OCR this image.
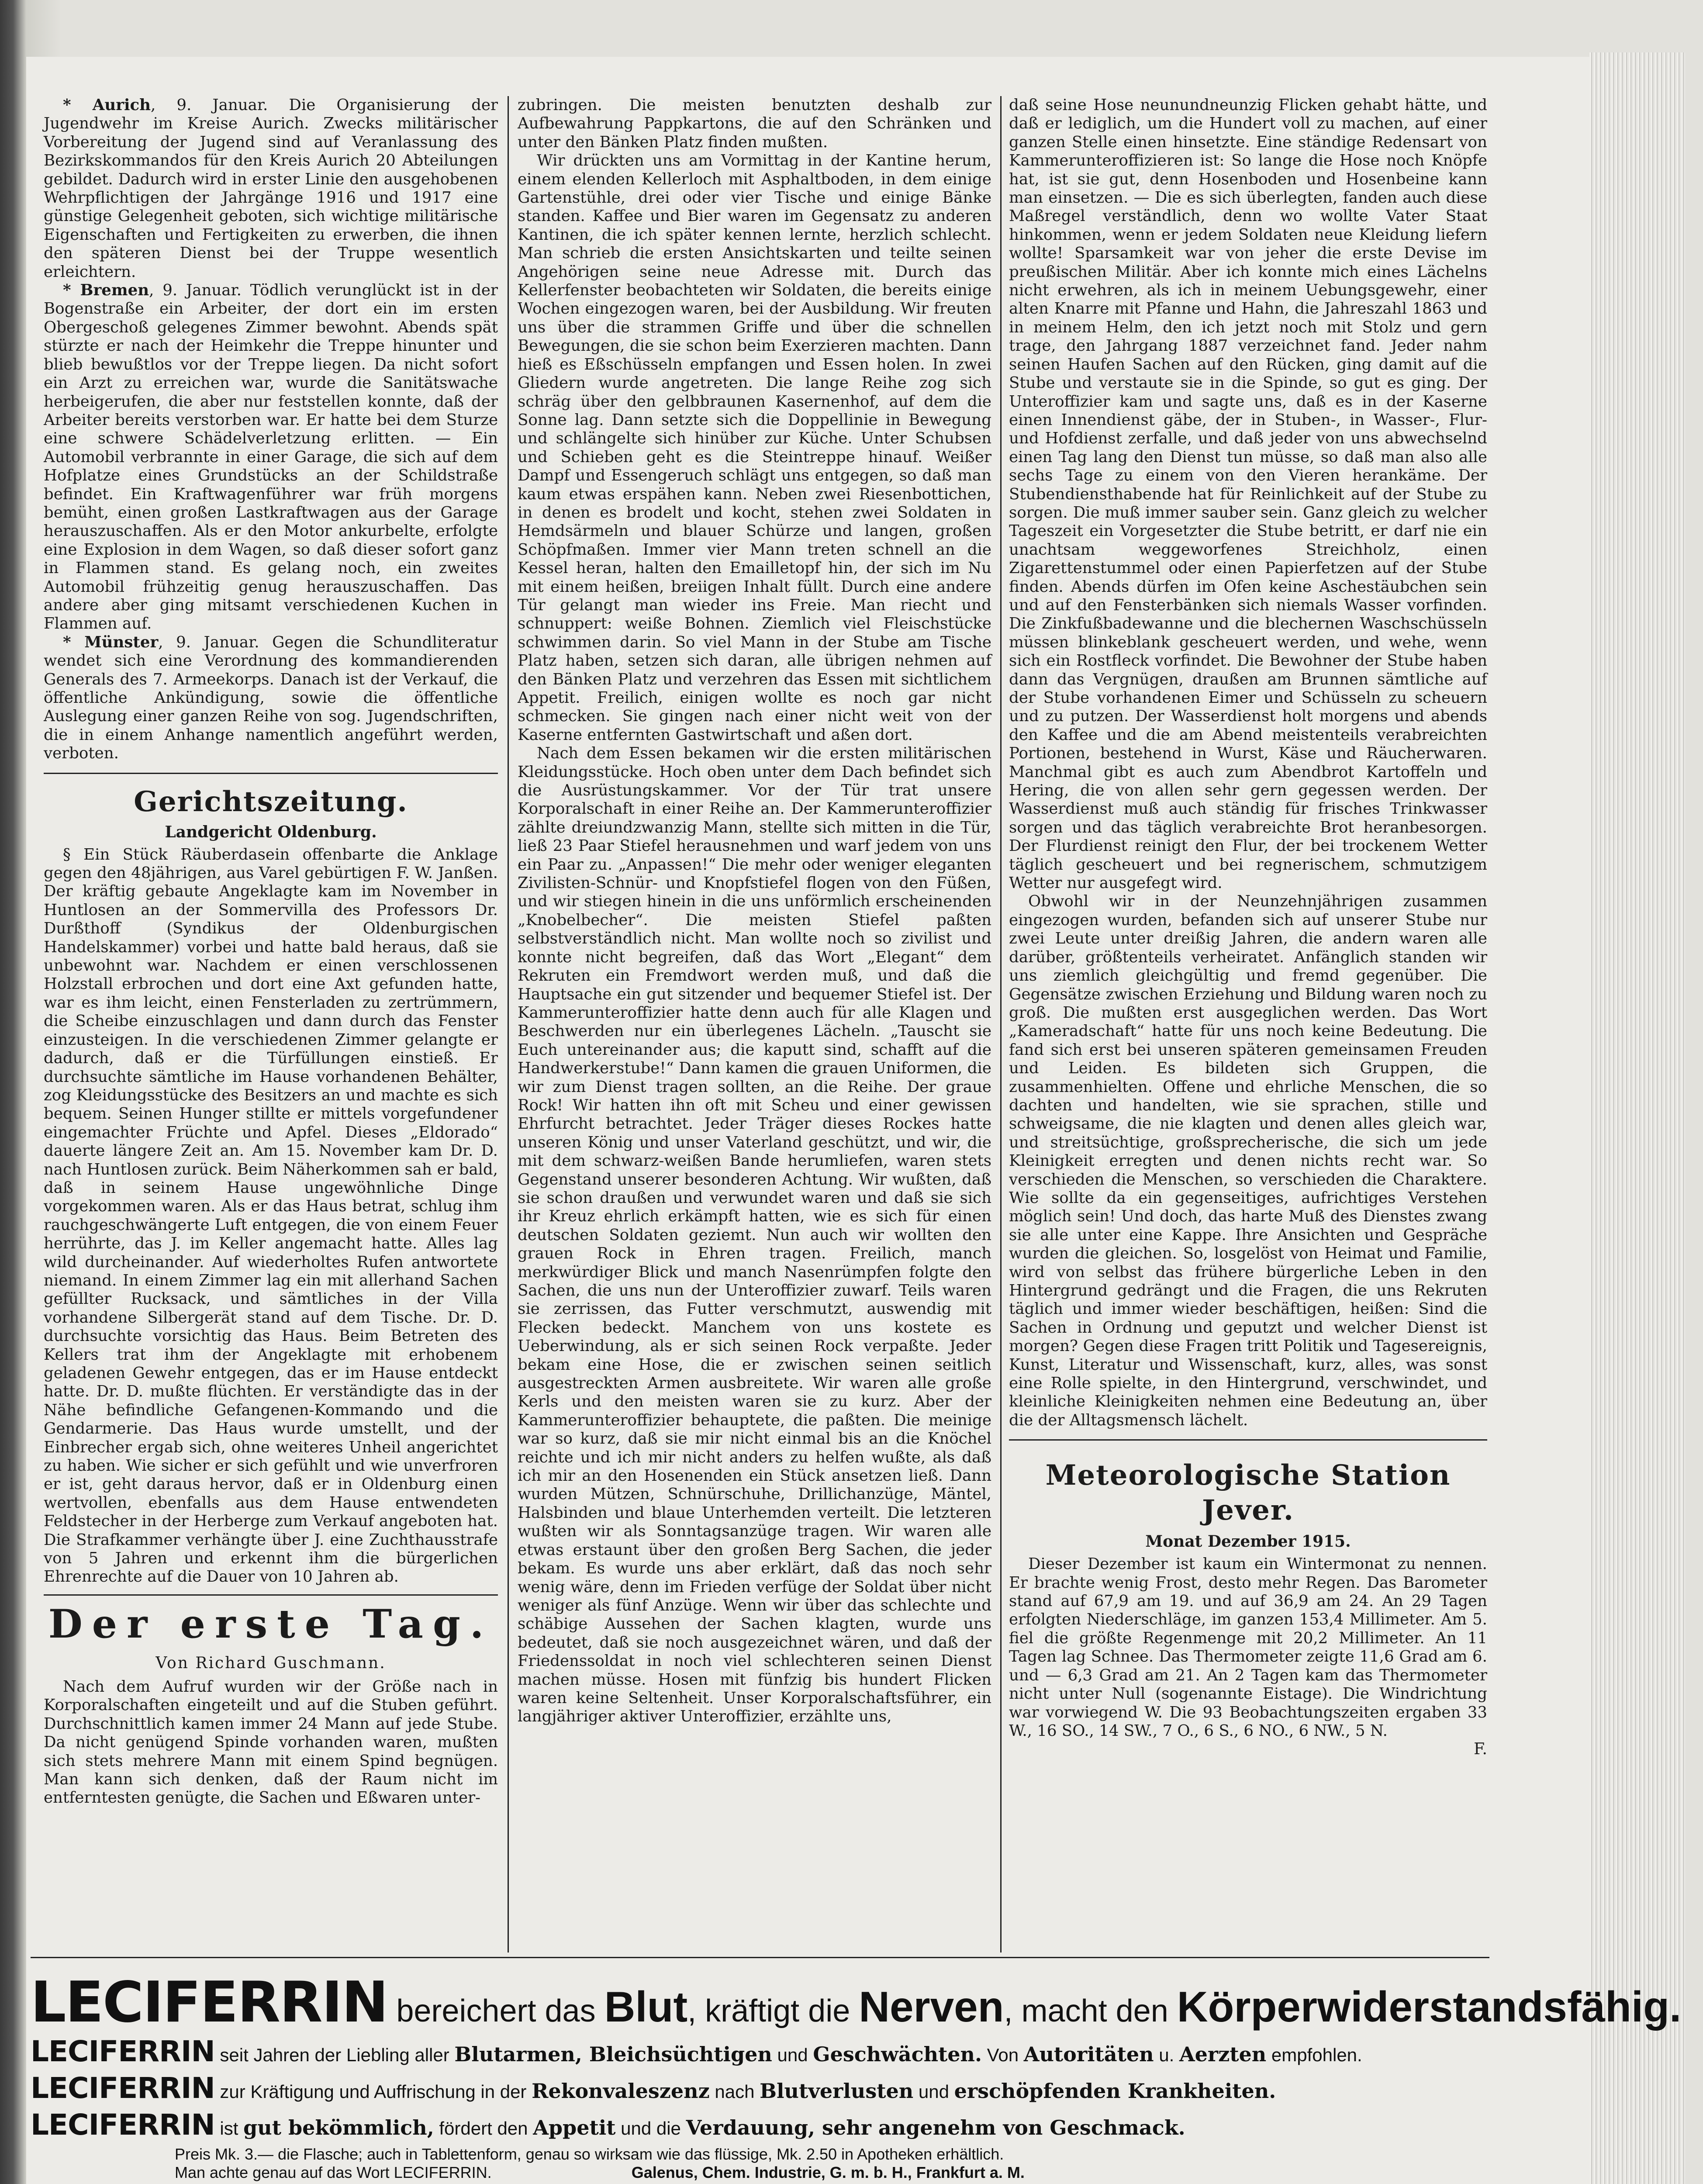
* Aurich, 9. Januar. Die Organisierung der Jugendwehr im Kreise Aurich. Zwecks militärischer Vorbereitung der Jugend sind auf Veranlassung des Bezirkskommandos für den Kreis Aurich 20 Abteilungen gebildet. Dadurch wird in erster Linie den ausgehobenen Wehrpflichtigen der Jahrgänge 1916 und 1917 eine günstige Gelegenheit geboten, sich wichtige militärische Eigenschaften und Fertigkeiten zu erwerben, die ihnen den späteren Dienst bei der Truppe wesentlich erleichtern.

* Bremen, 9. Januar. Tödlich verunglückt ist in der Bogenstraße ein Arbeiter, der dort ein im ersten Obergeschoß gelegenes Zimmer bewohnt. Abends spät stürzte er nach der Heimkehr die Treppe hinunter und blieb bewußtlos vor der Treppe liegen. Da nicht sofort ein Arzt zu erreichen war, wurde die Sanitätswache herbeigerufen, die aber nur feststellen konnte, daß der Arbeiter bereits verstorben war. Er hatte bei dem Sturze eine schwere Schädelverletzung erlitten. — Ein Automobil verbrannte in einer Garage, die sich auf dem Hofplatze eines Grundstücks an der Schildstraße befindet. Ein Kraftwagenführer war früh morgens bemüht, einen großen Lastkraftwagen aus der Garage herauszuschaffen. Als er den Motor ankurbelte, erfolgte eine Explosion in dem Wagen, so daß dieser sofort ganz in Flammen stand. Es gelang noch, ein zweites Automobil frühzeitig genug herauszuschaffen. Das andere aber ging mitsamt verschiedenen Kuchen in Flammen auf.

* Münster, 9. Januar. Gegen die Schundliteratur wendet sich eine Verordnung des kommandierenden Generals des 7. Armeekorps. Danach ist der Verkauf, die öffentliche Ankündigung, sowie die öffentliche Auslegung einer ganzen Reihe von sog. Jugendschriften, die in einem Anhange namentlich angeführt werden, verboten.

Gerichtszeitung.
Landgericht Oldenburg.

§ Ein Stück Räuberdasein offenbarte die Anklage gegen den 48jährigen, aus Varel gebürtigen F. W. Janßen. Der kräftig gebaute Angeklagte kam im November in Huntlosen an der Sommervilla des Professors Dr. Durßthoff (Syndikus der Oldenburgischen Handelskammer) vorbei und hatte bald heraus, daß sie unbewohnt war. Nachdem er einen verschlossenen Holzstall erbrochen und dort eine Axt gefunden hatte, war es ihm leicht, einen Fensterladen zu zertrümmern, die Scheibe einzuschlagen und dann durch das Fenster einzusteigen. In die verschiedenen Zimmer gelangte er dadurch, daß er die Türfüllungen einstieß. Er durchsuchte sämtliche im Hause vorhandenen Behälter, zog Kleidungsstücke des Besitzers an und machte es sich bequem. Seinen Hunger stillte er mittels vorgefundener eingemachter Früchte und Apfel. Dieses „Eldorado“ dauerte längere Zeit an. Am 15. November kam Dr. D. nach Huntlosen zurück. Beim Näherkommen sah er bald, daß in seinem Hause ungewöhnliche Dinge vorgekommen waren. Als er das Haus betrat, schlug ihm rauchgeschwängerte Luft entgegen, die von einem Feuer herrührte, das J. im Keller angemacht hatte. Alles lag wild durcheinander. Auf wiederholtes Rufen antwortete niemand. In einem Zimmer lag ein mit allerhand Sachen gefüllter Rucksack, und sämtliches in der Villa vorhandene Silbergerät stand auf dem Tische. Dr. D. durchsuchte vorsichtig das Haus. Beim Betreten des Kellers trat ihm der Angeklagte mit erhobenem geladenen Gewehr entgegen, das er im Hause entdeckt hatte. Dr. D. mußte flüchten. Er verständigte das in der Nähe befindliche Gefangenen-Kommando und die Gendarmerie. Das Haus wurde umstellt, und der Einbrecher ergab sich, ohne weiteres Unheil angerichtet zu haben. Wie sicher er sich gefühlt und wie unverfroren er ist, geht daraus hervor, daß er in Oldenburg einen wertvollen, ebenfalls aus dem Hause entwendeten Feldstecher in der Herberge zum Verkauf angeboten hat. Die Strafkammer verhängte über J. eine Zuchthausstrafe von 5 Jahren und erkennt ihm die bürgerlichen Ehrenrechte auf die Dauer von 10 Jahren ab.

Der erste Tag.
Von Richard Guschmann.

Nach dem Aufruf wurden wir der Größe nach in Korporalschaften eingeteilt und auf die Stuben geführt. Durchschnittlich kamen immer 24 Mann auf jede Stube. Da nicht genügend Spinde vorhanden waren, mußten sich stets mehrere Mann mit einem Spind begnügen. Man kann sich denken, daß der Raum nicht im entferntesten genügte, die Sachen und Eßwaren unter-

zubringen. Die meisten benutzten deshalb zur Aufbewahrung Pappkartons, die auf den Schränken und unter den Bänken Platz finden mußten.

Wir drückten uns am Vormittag in der Kantine herum, einem elenden Kellerloch mit Asphaltboden, in dem einige Gartenstühle, drei oder vier Tische und einige Bänke standen. Kaffee und Bier waren im Gegensatz zu anderen Kantinen, die ich später kennen lernte, herzlich schlecht. Man schrieb die ersten Ansichtskarten und teilte seinen Angehörigen seine neue Adresse mit. Durch das Kellerfenster beobachteten wir Soldaten, die bereits einige Wochen eingezogen waren, bei der Ausbildung. Wir freuten uns über die strammen Griffe und über die schnellen Bewegungen, die sie schon beim Exerzieren machten. Dann hieß es Eßschüsseln empfangen und Essen holen. In zwei Gliedern wurde angetreten. Die lange Reihe zog sich schräg über den gelbbraunen Kasernenhof, auf dem die Sonne lag. Dann setzte sich die Doppellinie in Bewegung und schlängelte sich hinüber zur Küche. Unter Schubsen und Schieben geht es die Steintreppe hinauf. Weißer Dampf und Essengeruch schlägt uns entgegen, so daß man kaum etwas erspähen kann. Neben zwei Riesenbottichen, in denen es brodelt und kocht, stehen zwei Soldaten in Hemdsärmeln und blauer Schürze und langen, großen Schöpfmaßen. Immer vier Mann treten schnell an die Kessel heran, halten den Emailletopf hin, der sich im Nu mit einem heißen, breiigen Inhalt füllt. Durch eine andere Tür gelangt man wieder ins Freie. Man riecht und schnuppert: weiße Bohnen. Ziemlich viel Fleischstücke schwimmen darin. So viel Mann in der Stube am Tische Platz haben, setzen sich daran, alle übrigen nehmen auf den Bänken Platz und verzehren das Essen mit sichtlichem Appetit. Freilich, einigen wollte es noch gar nicht schmecken. Sie gingen nach einer nicht weit von der Kaserne entfernten Gastwirtschaft und aßen dort.

Nach dem Essen bekamen wir die ersten militärischen Kleidungsstücke. Hoch oben unter dem Dach befindet sich die Ausrüstungskammer. Vor der Tür trat unsere Korporalschaft in einer Reihe an. Der Kammerunteroffizier zählte dreiundzwanzig Mann, stellte sich mitten in die Tür, ließ 23 Paar Stiefel herausnehmen und warf jedem von uns ein Paar zu. „Anpassen!“ Die mehr oder weniger eleganten Zivilisten-Schnür- und Knopfstiefel flogen von den Füßen, und wir stiegen hinein in die uns unförmlich erscheinenden „Knobelbecher“. Die meisten Stiefel paßten selbstverständlich nicht. Man wollte noch so zivilist und konnte nicht begreifen, daß das Wort „Elegant“ dem Rekruten ein Fremdwort werden muß, und daß die Hauptsache ein gut sitzender und bequemer Stiefel ist. Der Kammerunteroffizier hatte denn auch für alle Klagen und Beschwerden nur ein überlegenes Lächeln. „Tauscht sie Euch untereinander aus; die kaputt sind, schafft auf die Handwerkerstube!“ Dann kamen die grauen Uniformen, die wir zum Dienst tragen sollten, an die Reihe. Der graue Rock! Wir hatten ihn oft mit Scheu und einer gewissen Ehrfurcht betrachtet. Jeder Träger dieses Rockes hatte unseren König und unser Vaterland geschützt, und wir, die mit dem schwarz-weißen Bande herumliefen, waren stets Gegenstand unserer besonderen Achtung. Wir wußten, daß sie schon draußen und verwundet waren und daß sie sich ihr Kreuz ehrlich erkämpft hatten, wie es sich für einen deutschen Soldaten geziemt. Nun auch wir wollten den grauen Rock in Ehren tragen. Freilich, manch merkwürdiger Blick und manch Nasenrümpfen folgte den Sachen, die uns nun der Unteroffizier zuwarf. Teils waren sie zerrissen, das Futter verschmutzt, auswendig mit Flecken bedeckt. Manchem von uns kostete es Ueberwindung, als er sich seinen Rock verpaßte. Jeder bekam eine Hose, die er zwischen seinen seitlich ausgestreckten Armen ausbreitete. Wir waren alle große Kerls und den meisten waren sie zu kurz. Aber der Kammerunteroffizier behauptete, die paßten. Die meinige war so kurz, daß sie mir nicht einmal bis an die Knöchel reichte und ich mir nicht anders zu helfen wußte, als daß ich mir an den Hosenenden ein Stück ansetzen ließ. Dann wurden Mützen, Schnürschuhe, Drillichanzüge, Mäntel, Halsbinden und blaue Unterhemden verteilt. Die letzteren wußten wir als Sonntagsanzüge tragen. Wir waren alle etwas erstaunt über den großen Berg Sachen, die jeder bekam. Es wurde uns aber erklärt, daß das noch sehr wenig wäre, denn im Frieden verfüge der Soldat über nicht weniger als fünf Anzüge. Wenn wir über das schlechte und schäbige Aussehen der Sachen klagten, wurde uns bedeutet, daß sie noch ausgezeichnet wären, und daß der Friedenssoldat in noch viel schlechteren seinen Dienst machen müsse. Hosen mit fünfzig bis hundert Flicken waren keine Seltenheit. Unser Korporalschaftsführer, ein langjähriger aktiver Unteroffizier, erzählte uns,

daß seine Hose neunundneunzig Flicken gehabt hätte, und daß er lediglich, um die Hundert voll zu machen, auf einer ganzen Stelle einen hinsetzte. Eine ständige Redensart von Kammerunteroffizieren ist: So lange die Hose noch Knöpfe hat, ist sie gut, denn Hosenboden und Hosenbeine kann man einsetzen. — Die es sich überlegten, fanden auch diese Maßregel verständlich, denn wo wollte Vater Staat hinkommen, wenn er jedem Soldaten neue Kleidung liefern wollte! Sparsamkeit war von jeher die erste Devise im preußischen Militär. Aber ich konnte mich eines Lächelns nicht erwehren, als ich in meinem Uebungsgewehr, einer alten Knarre mit Pfanne und Hahn, die Jahreszahl 1863 und in meinem Helm, den ich jetzt noch mit Stolz und gern trage, den Jahrgang 1887 verzeichnet fand. Jeder nahm seinen Haufen Sachen auf den Rücken, ging damit auf die Stube und verstaute sie in die Spinde, so gut es ging. Der Unteroffizier kam und sagte uns, daß es in der Kaserne einen Innendienst gäbe, der in Stuben-, in Wasser-, Flur- und Hofdienst zerfalle, und daß jeder von uns abwechselnd einen Tag lang den Dienst tun müsse, so daß man also alle sechs Tage zu einem von den Vieren herankäme. Der Stubendiensthabende hat für Reinlichkeit auf der Stube zu sorgen. Die muß immer sauber sein. Ganz gleich zu welcher Tageszeit ein Vorgesetzter die Stube betritt, er darf nie ein unachtsam weggeworfenes Streichholz, einen Zigarettenstummel oder einen Papierfetzen auf der Stube finden. Abends dürfen im Ofen keine Aschestäubchen sein und auf den Fensterbänken sich niemals Wasser vorfinden. Die Zinkfußbadewanne und die blechernen Waschschüsseln müssen blinkeblank gescheuert werden, und wehe, wenn sich ein Rostfleck vorfindet. Die Bewohner der Stube haben dann das Vergnügen, draußen am Brunnen sämtliche auf der Stube vorhandenen Eimer und Schüsseln zu scheuern und zu putzen. Der Wasserdienst holt morgens und abends den Kaffee und die am Abend meistenteils verabreichten Portionen, bestehend in Wurst, Käse und Räucherwaren. Manchmal gibt es auch zum Abendbrot Kartoffeln und Hering, die von allen sehr gern gegessen werden. Der Wasserdienst muß auch ständig für frisches Trinkwasser sorgen und das täglich verabreichte Brot heranbesorgen. Der Flurdienst reinigt den Flur, der bei trockenem Wetter täglich gescheuert und bei regnerischem, schmutzigem Wetter nur ausgefegt wird.

Obwohl wir in der Neunzehnjährigen zusammen eingezogen wurden, befanden sich auf unserer Stube nur zwei Leute unter dreißig Jahren, die andern waren alle darüber, größtenteils verheiratet. Anfänglich standen wir uns ziemlich gleichgültig und fremd gegenüber. Die Gegensätze zwischen Erziehung und Bildung waren noch zu groß. Die mußten erst ausgeglichen werden. Das Wort „Kameradschaft“ hatte für uns noch keine Bedeutung. Die fand sich erst bei unseren späteren gemeinsamen Freuden und Leiden. Es bildeten sich Gruppen, die zusammenhielten. Offene und ehrliche Menschen, die so dachten und handelten, wie sie sprachen, stille und schweigsame, die nie klagten und denen alles gleich war, und streitsüchtige, großsprecherische, die sich um jede Kleinigkeit erregten und denen nichts recht war. So verschieden die Menschen, so verschieden die Charaktere. Wie sollte da ein gegenseitiges, aufrichtiges Verstehen möglich sein! Und doch, das harte Muß des Dienstes zwang sie alle unter eine Kappe. Ihre Ansichten und Gespräche wurden die gleichen. So, losgelöst von Heimat und Familie, wird von selbst das frühere bürgerliche Leben in den Hintergrund gedrängt und die Fragen, die uns Rekruten täglich und immer wieder beschäftigen, heißen: Sind die Sachen in Ordnung und geputzt und welcher Dienst ist morgen? Gegen diese Fragen tritt Politik und Tagesereignis, Kunst, Literatur und Wissenschaft, kurz, alles, was sonst eine Rolle spielte, in den Hintergrund, verschwindet, und kleinliche Kleinigkeiten nehmen eine Bedeutung an, über die der Alltagsmensch lächelt.

Meteorologische Station Jever.
Monat Dezember 1915.

Dieser Dezember ist kaum ein Wintermonat zu nennen. Er brachte wenig Frost, desto mehr Regen. Das Barometer stand auf 67,9 am 19. und auf 36,9 am 24. An 29 Tagen erfolgten Niederschläge, im ganzen 153,4 Millimeter. Am 5. fiel die größte Regenmenge mit 20,2 Millimeter. An 11 Tagen lag Schnee. Das Thermometer zeigte 11,6 Grad am 6. und — 6,3 Grad am 21. An 2 Tagen kam das Thermometer nicht unter Null (sogenannte Eistage). Die Windrichtung war vorwiegend W. Die 93 Beobachtungszeiten ergaben 33 W., 16 SO., 14 SW., 7 O., 6 S., 6 NO., 6 NW., 5 N.

F.
LECIFERRIN bereichert das Blut, kräftigt die Nerven, macht den Körperwiderstandsfähig.
LECIFERRIN seit Jahren der Liebling aller Blutarmen, Bleichsüchtigen und Geschwächten. Von Autoritäten u. Aerzten empfohlen.
LECIFERRIN zur Kräftigung und Auffrischung in der Rekonvaleszenz nach Blutverlusten und erschöpfenden Krankheiten.
LECIFERRIN ist gut bekömmlich, fördert den Appetit und die Verdauung, sehr angenehm von Geschmack.
Preis Mk. 3.— die Flasche; auch in Tablettenform, genau so wirksam wie das flüssige, Mk. 2.50 in Apotheken erhältlich.
Man achte genau auf das Wort LECIFERRIN.	Galenus, Chem. Industrie, G. m. b. H., Frankfurt a. M.
